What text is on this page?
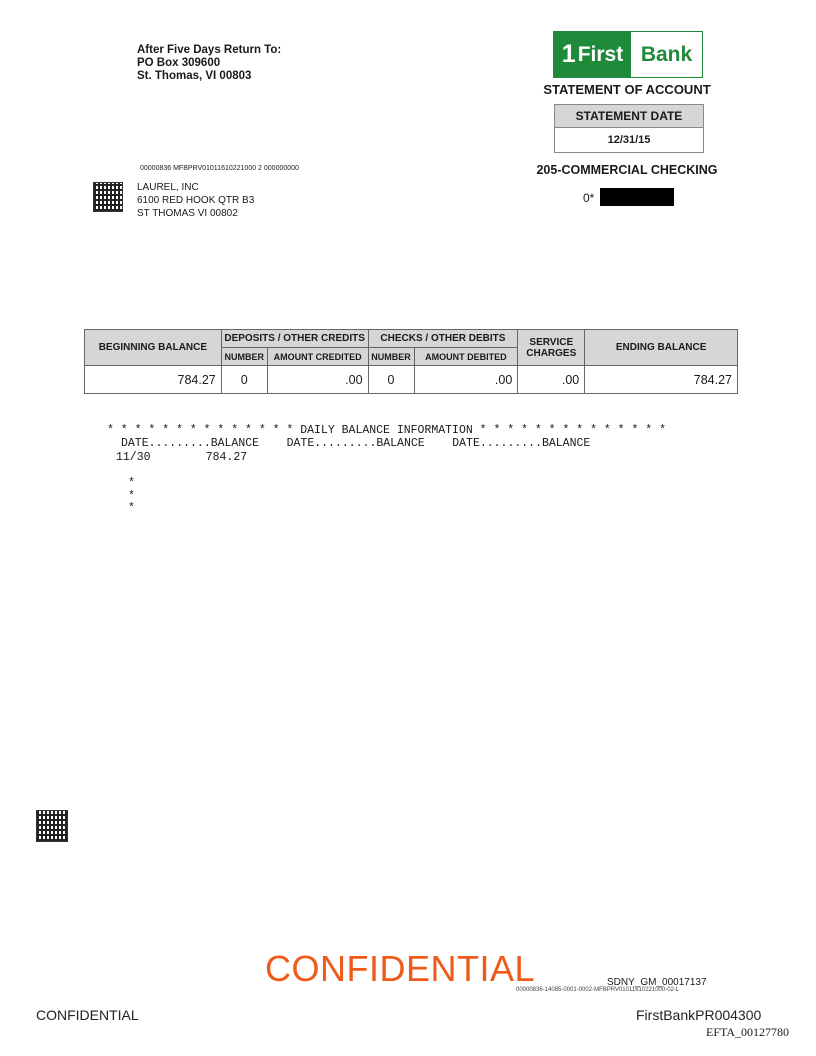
After Five Days Return To:
PO Box 309600
St. Thomas, VI 00803
1 First Bank
STATEMENT OF ACCOUNT
STATEMENT DATE
12/31/15
205-COMMERCIAL CHECKING
0*
00000836 MFBPRV01011610221000 2 000000000
LAUREL, INC
6100 RED HOOK QTR B3
ST THOMAS VI 00802
BEGINNING BALANCE	DEPOSITS / OTHER CREDITS		CHECKS / OTHER DEBITS		SERVICE CHARGES	ENDING BALANCE
	NUMBER	AMOUNT CREDITED	NUMBER	AMOUNT DEBITED		
784.27	0	.00	0	.00	.00	784.27
* * * * * * * * * * * * * * DAILY BALANCE INFORMATION * * * * * * * * * * * * * *
DATE.........BALANCE    DATE.........BALANCE    DATE.........BALANCE
11/30        784.27
*
*
*
CONFIDENTIAL	SDNY_GM_00017137
00000836-14085-0001-0002-MFBPRV01011610221000-02-L
CONFIDENTIAL	FirstBankPR004300
EFTA_00127780
